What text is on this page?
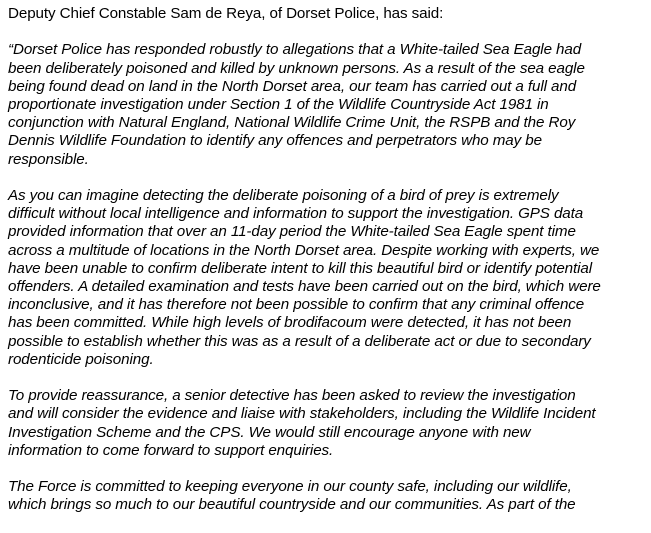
Deputy Chief Constable Sam de Reya, of Dorset Police, has said:

“Dorset Police has responded robustly to allegations that a White-tailed Sea Eagle had
been deliberately poisoned and killed by unknown persons. As a result of the sea eagle
being found dead on land in the North Dorset area, our team has carried out a full and
proportionate investigation under Section 1 of the Wildlife Countryside Act 1981 in
conjunction with Natural England, National Wildlife Crime Unit, the RSPB and the Roy
Dennis Wildlife Foundation to identify any offences and perpetrators who may be
responsible.

As you can imagine detecting the deliberate poisoning of a bird of prey is extremely
difficult without local intelligence and information to support the investigation. GPS data
provided information that over an 11-day period the White-tailed Sea Eagle spent time
across a multitude of locations in the North Dorset area. Despite working with experts, we
have been unable to confirm deliberate intent to kill this beautiful bird or identify potential
offenders. A detailed examination and tests have been carried out on the bird, which were
inconclusive, and it has therefore not been possible to confirm that any criminal offence
has been committed. While high levels of brodifacoum were detected, it has not been
possible to establish whether this was as a result of a deliberate act or due to secondary
rodenticide poisoning.

To provide reassurance, a senior detective has been asked to review the investigation
and will consider the evidence and liaise with stakeholders, including the Wildlife Incident
Investigation Scheme and the CPS. We would still encourage anyone with new
information to come forward to support enquiries.

The Force is committed to keeping everyone in our county safe, including our wildlife,
which brings so much to our beautiful countryside and our communities. As part of the
